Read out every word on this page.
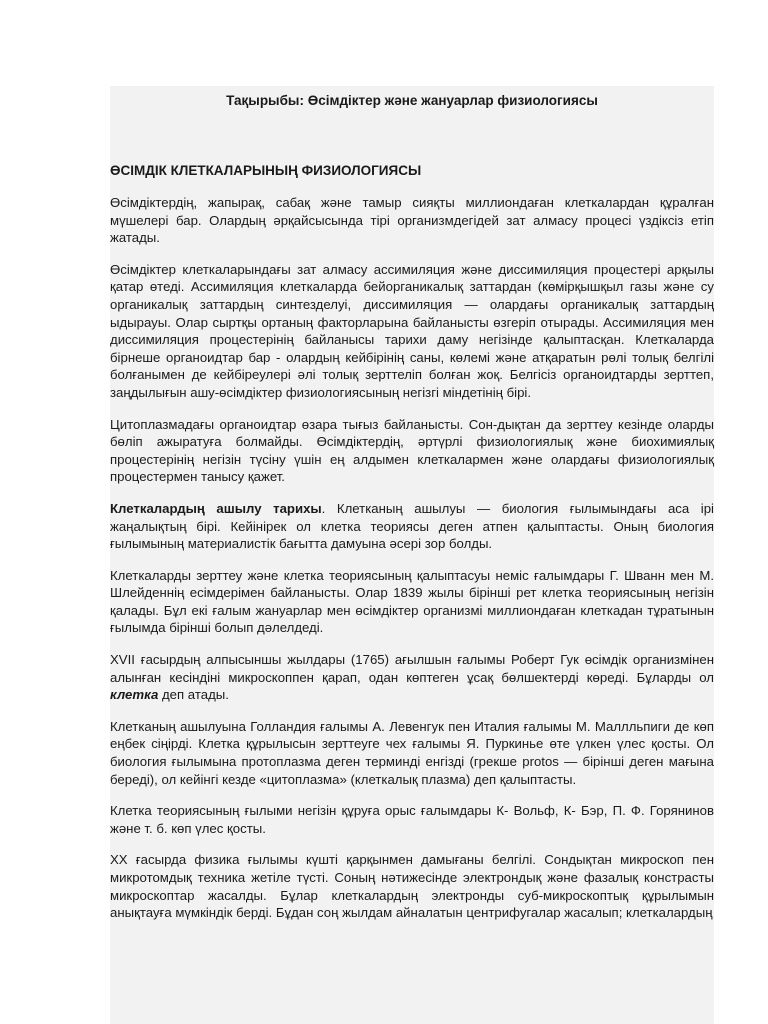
Тақырыбы: Өсімдіктер және жануарлар физиологиясы

ӨСІМДІК КЛЕТКАЛАРЫНЫҢ ФИЗИОЛОГИЯСЫ

Өсімдіктердің, жапырақ, сабақ және тамыр сияқты миллиондаған клеткалардан құралған мүшелері бар. Олардың әрқайсысында тірі организмдегідей зат алмасу процесі үздіксіз етіп жатады.

Өсімдіктер клеткаларындағы зат алмасу ассимиляция және диссимиляция процестері арқылы қатар өтеді. Ассимиляция клеткаларда бейорганикалық заттардан (көмірқышқыл газы және су органикалық заттардың синтезделуі, диссимиляция — олардағы органикалық заттардың ыдырауы. Олар сыртқы ортаның факторларына байланысты өзгеріп отырады. Ассимиляция мен диссимиляция процестерінің байланысы тарихи даму негізінде қалыптасқан. Клеткаларда бірнеше органоидтар бар - олардың кейбірінің саны, көлемі және атқаратын рөлі толық белгілі болғанымен де кейбіреулері әлі толық зерттеліп болған жоқ. Белгісіз органоидтарды зерттеп, заңдылығын ашу-өсімдіктер физиологиясының негізгі міндетінің бірі.

Цитоплазмадағы органоидтар өзара тығыз байланысты. Сон-дықтан да зерттеу кезінде оларды бөліп ажыратуға болмайды. Өсімдіктердің, әртүрлі физиологиялық және биохимиялық процестерінің негізін түсіну үшін ең алдымен клеткалармен және олардағы физиологиялық процестермен танысу қажет.

Клеткалардың ашылу тарихы. Клетканың ашылуы — биология ғылымындағы аса ірі жаңалықтың бірі. Кейінірек ол клетка теориясы деген атпен қалыптасты. Оның биология ғылымының материалистік бағытта дамуына әсері зор болды.

Клеткаларды зерттеу және клетка теориясының қалыптасуы неміс ғалымдары Г. Шванн мен М. Шлейденнің есімдерімен байланысты. Олар 1839 жылы бірінші рет клетка теориясының негізін қалады. Бұл екі ғалым жануарлар мен өсімдіктер организмі миллиондаған клеткадан тұратынын ғылымда бірінші болып дәлелдеді.

XVІІ ғасырдың алпысыншы жылдары (1765) ағылшын ғалымы Роберт Гук өсімдік организмінен алынған кесіндіні микроскоппен қарап, одан көптеген ұсақ бөлшектерді көреді. Бұларды ол клетка деп атады.

Клетканың ашылуына Голландия ғалымы А. Левенгук пен Италия ғалымы М. Маллльпиги де көп еңбек сіңірді. Клетка құрылысын зерттеуге чех ғалымы Я. Пуркинье өте үлкен үлес қосты. Ол биология ғылымына протоплазма деген терминді енгізді (грекше protos — бірінші деген мағына береді), ол кейінгі кезде «цитоплазма» (клеткалық плазма) деп қалыптасты.

Клетка теориясының ғылыми негізін құруға орыс ғалымдары К- Вольф, К- Бэр, П. Ф. Горянинов және т. б. көп үлес қосты.

XX ғасырда физика ғылымы күшті қарқынмен дамығаны белгілі. Сондықтан микроскоп пен микротомдық техника жетіле түсті. Соның нәтижесінде электрондық және фазалық констрасты микроскоптар жасалды. Бұлар клеткалардың электронды суб-микроскоптық құрылымын анықтауға мүмкіндік берді. Бұдан соң жылдам айналатын центрифугалар жасалып; клеткалардың
